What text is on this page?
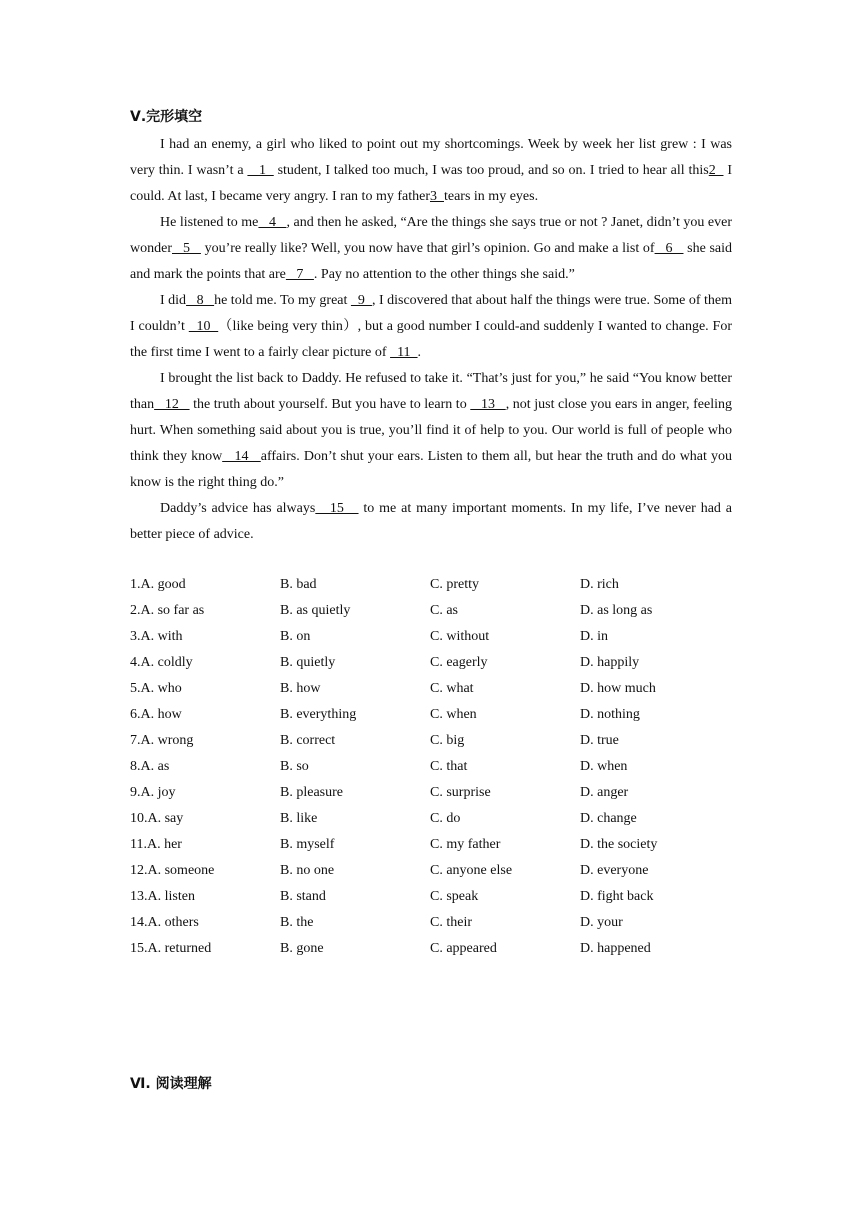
Ⅴ.完形填空

I had an enemy, a girl who liked to point out my shortcomings. Week by week her list grew : I was very thin. I wasn’t a    1   student, I talked too much, I was too proud, and so on. I tried to hear all this2   I could. At last, I became very angry. I ran to my father3  tears in my eyes.

He listened to me   4   , and then he asked, “Are the things she says true or not ? Janet, didn’t you ever wonder   5    you’re really like? Well, you now have that girl’s opinion. Go and make a list of   6    she said and mark the points that are   7   . Pay no attention to the other things she said.”

I did   8   he told me. To my great   9  , I discovered that about half the things were true. Some of them I couldn’t   10  （like being very thin）, but a good number I could-and suddenly I wanted to change. For the first time I went to a fairly clear picture of   11  .

I brought the list back to Daddy. He refused to take it. “That’s just for you,” he said “You know better than   12    the truth about yourself. But you have to learn to    13   , not just close you ears in anger, feeling hurt. When something said about you is true, you’ll find it of help to you. Our world is full of people who think they know   14   affairs. Don’t shut your ears. Listen to them all, but hear the truth and do what you know is the right thing do.”

Daddy’s advice has always   15    to me at many important moments. In my life, I’ve never had a better piece of advice.

1.A. good	B. bad	C. pretty	D. rich
2.A. so far as	B. as quietly	C. as	D. as long as
3.A. with	B. on	C. without	D. in
4.A. coldly	B. quietly	C. eagerly	D. happily
5.A. who	B. how	C. what	D. how much
6.A. how	B. everything	C. when	D. nothing
7.A. wrong	B. correct	C. big	D. true
8.A. as	B. so	C. that	D. when
9.A. joy	B. pleasure	C. surprise	D. anger
10.A. say	B. like	C. do	D. change
11.A. her	B. myself	C. my father	D. the society
12.A. someone	B. no one	C. anyone else	D. everyone
13.A. listen	B. stand	C. speak	D. fight back
14.A. others	B. the	C. their	D. your
15.A. returned	B. gone	C. appeared	D. happened
Ⅵ. 阅读理解
